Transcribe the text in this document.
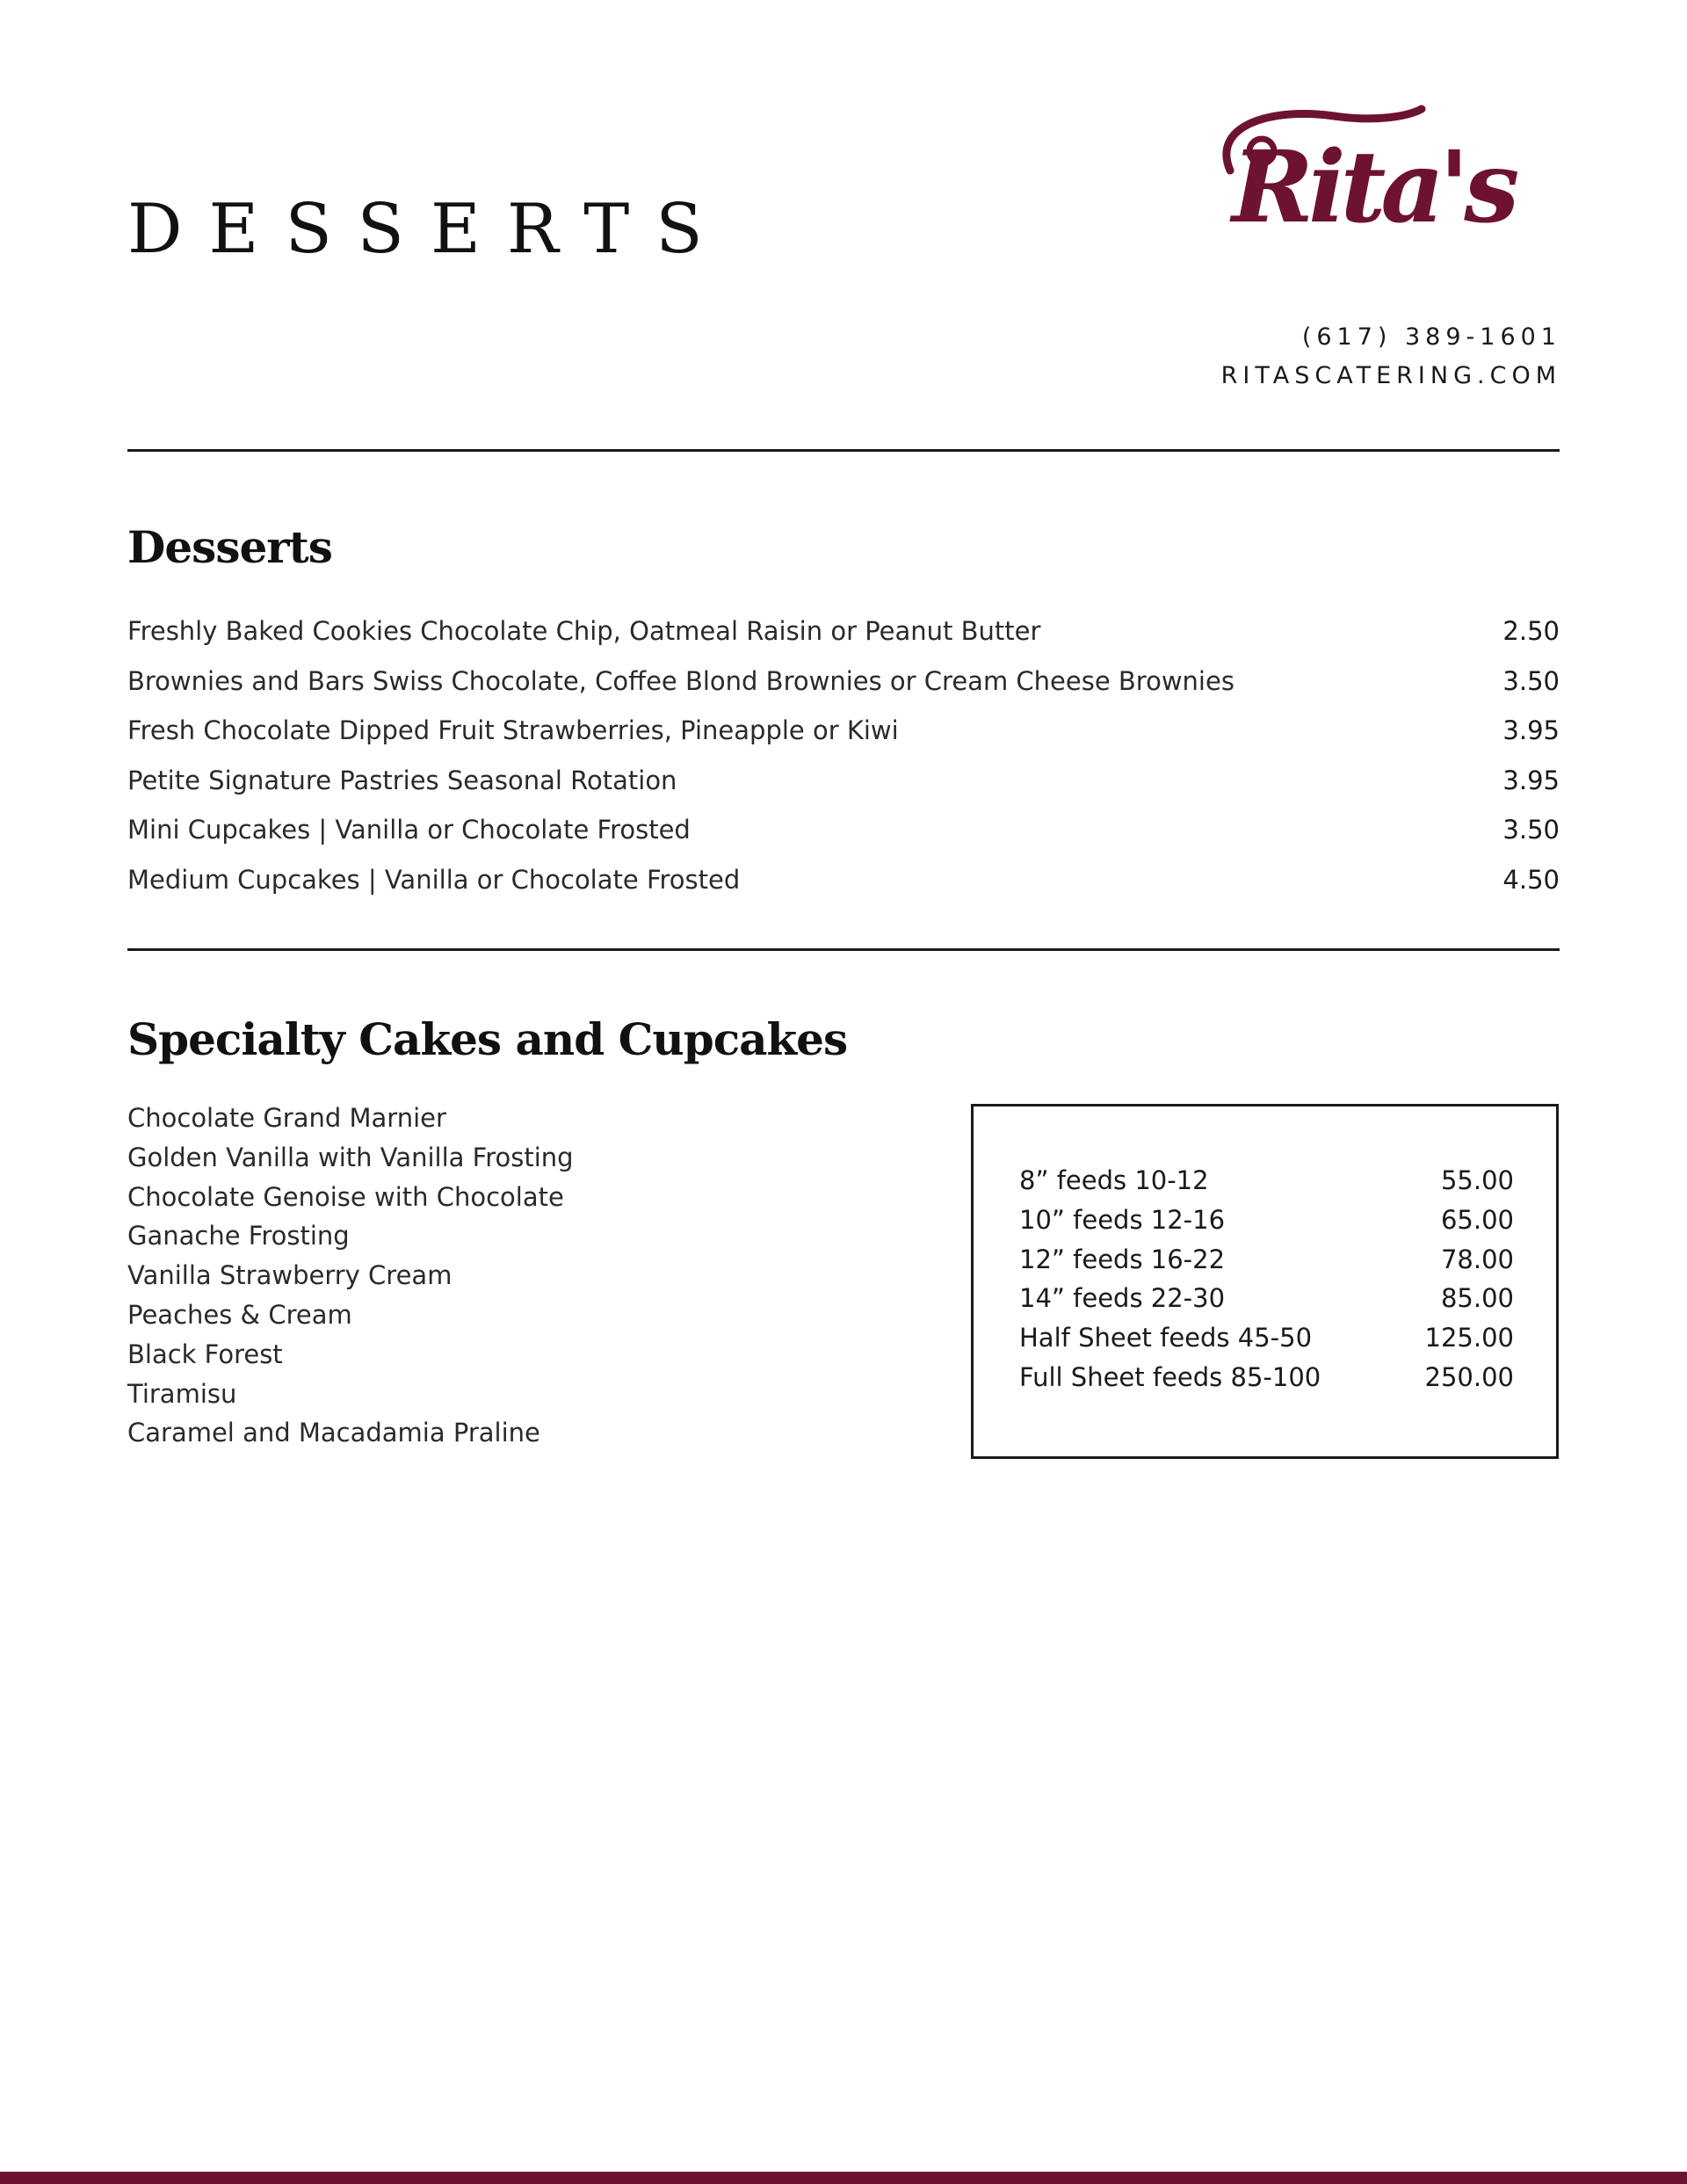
DESSERTS	Rita's
(617) 389-1601
RITASCATERING.COM
Desserts
Freshly Baked Cookies Chocolate Chip, Oatmeal Raisin or Peanut Butter	2.50
Brownies and Bars Swiss Chocolate, Coffee Blond Brownies or Cream Cheese Brownies	3.50
Fresh Chocolate Dipped Fruit Strawberries, Pineapple or Kiwi	3.95
Petite Signature Pastries Seasonal Rotation	3.95
Mini Cupcakes | Vanilla or Chocolate Frosted	3.50
Medium Cupcakes | Vanilla or Chocolate Frosted	4.50
Specialty Cakes and Cupcakes
Chocolate Grand Marnier
Golden Vanilla with Vanilla Frosting
Chocolate Genoise with Chocolate
Ganache Frosting
Vanilla Strawberry Cream
Peaches & Cream
Black Forest
Tiramisu
Caramel and Macadamia Praline
8” feeds 10-12	55.00
10” feeds 12-16	65.00
12” feeds 16-22	78.00
14” feeds 22-30	85.00
Half Sheet feeds 45-50	125.00
Full Sheet feeds 85-100	250.00
